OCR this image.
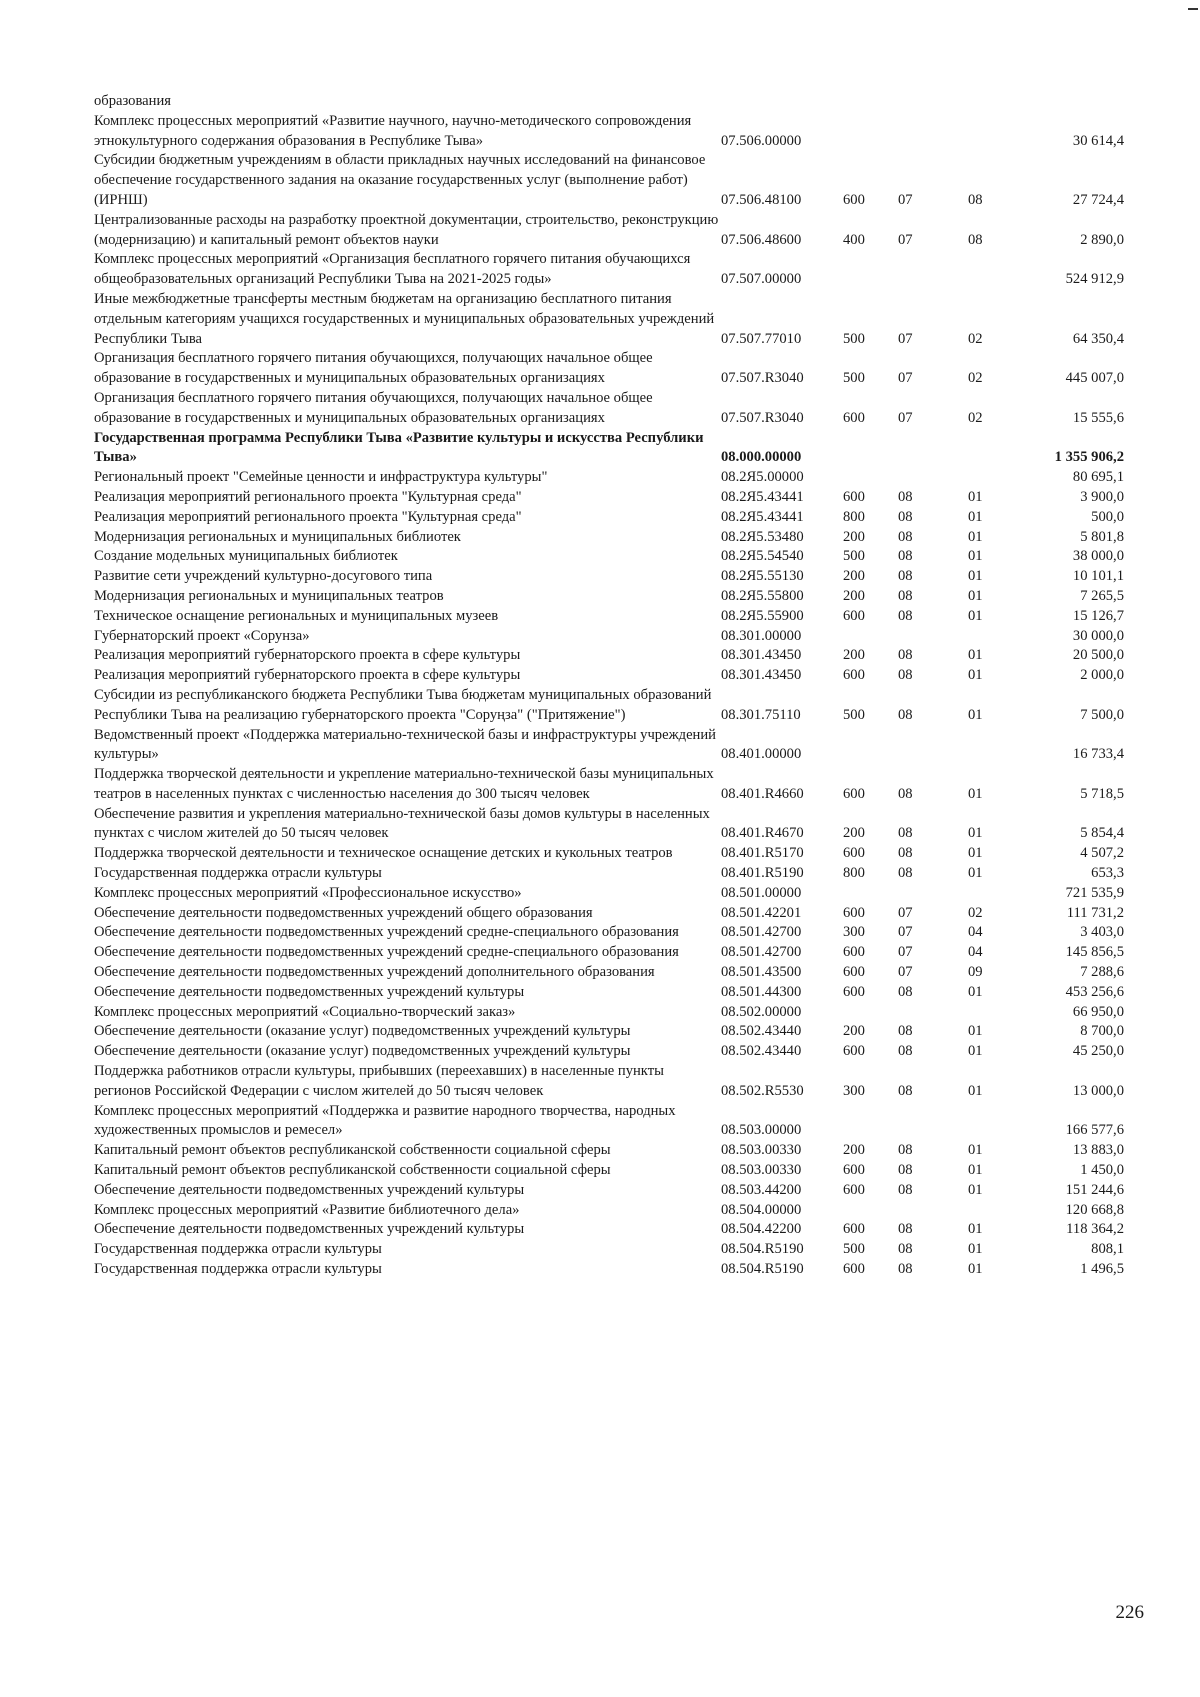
образования					
Комплекс процессных мероприятий «Развитие научного, научно-методического сопровождения этнокультурного содержания образования в Республике Тыва»	07.506.00000				30 614,4
Субсидии бюджетным учреждениям в области прикладных научных исследований на финансовое обеспечение государственного задания на оказание государственных услуг (выполнение работ) (ИРНШ)	07.506.48100	600	07	08	27 724,4
Централизованные расходы на разработку проектной документации, строительство, реконструкцию (модернизацию) и капитальный ремонт объектов науки	07.506.48600	400	07	08	2 890,0
Комплекс процессных мероприятий «Организация бесплатного горячего питания обучающихся общеобразовательных организаций Республики Тыва на 2021-2025 годы»	07.507.00000				524 912,9
Иные межбюджетные трансферты местным бюджетам на организацию бесплатного питания отдельным категориям учащихся государственных и муниципальных образовательных учреждений Республики Тыва	07.507.77010	500	07	02	64 350,4
Организация бесплатного горячего питания обучающихся, получающих начальное общее образование в государственных и муниципальных образовательных организациях	07.507.R3040	500	07	02	445 007,0
Организация бесплатного горячего питания обучающихся, получающих начальное общее образование в государственных и муниципальных образовательных организациях	07.507.R3040	600	07	02	15 555,6
Государственная программа Республики Тыва «Развитие культуры и искусства Республики Тыва»	08.000.00000				1 355 906,2
Региональный проект "Семейные ценности и инфраструктура культуры"	08.2Я5.00000				80 695,1
Реализация мероприятий регионального проекта "Культурная среда"	08.2Я5.43441	600	08	01	3 900,0
Реализация мероприятий регионального проекта "Культурная среда"	08.2Я5.43441	800	08	01	500,0
Модернизация региональных и муниципальных библиотек	08.2Я5.53480	200	08	01	5 801,8
Создание модельных муниципальных библиотек	08.2Я5.54540	500	08	01	38 000,0
Развитие сети учреждений культурно-досугового типа	08.2Я5.55130	200	08	01	10 101,1
Модернизация региональных и муниципальных театров	08.2Я5.55800	200	08	01	7 265,5
Техническое оснащение региональных и муниципальных музеев	08.2Я5.55900	600	08	01	15 126,7
Губернаторский проект «Сорунза»	08.301.00000				30 000,0
Реализация мероприятий губернаторского проекта в сфере культуры	08.301.43450	200	08	01	20 500,0
Реализация мероприятий губернаторского проекта в сфере культуры	08.301.43450	600	08	01	2 000,0
Субсидии из республиканского бюджета Республики Тыва бюджетам муниципальных образований Республики Тыва на реализацию губернаторского проекта "Соруңза" ("Притяжение")	08.301.75110	500	08	01	7 500,0
Ведомственный проект «Поддержка материально-технической базы и инфраструктуры учреждений культуры»	08.401.00000				16 733,4
Поддержка творческой деятельности и укрепление материально-технической базы муниципальных театров в населенных пунктах с численностью населения до 300 тысяч человек	08.401.R4660	600	08	01	5 718,5
Обеспечение развития и укрепления материально-технической базы домов культуры в населенных пунктах с числом жителей до 50 тысяч человек	08.401.R4670	200	08	01	5 854,4
Поддержка творческой деятельности и техническое оснащение детских и кукольных театров	08.401.R5170	600	08	01	4 507,2
Государственная поддержка отрасли культуры	08.401.R5190	800	08	01	653,3
Комплекс процессных мероприятий «Профессиональное искусство»	08.501.00000				721 535,9
Обеспечение деятельности подведомственных учреждений общего образования	08.501.42201	600	07	02	111 731,2
Обеспечение деятельности подведомственных учреждений средне-специального образования	08.501.42700	300	07	04	3 403,0
Обеспечение деятельности подведомственных учреждений средне-специального образования	08.501.42700	600	07	04	145 856,5
Обеспечение деятельности подведомственных учреждений дополнительного образования	08.501.43500	600	07	09	7 288,6
Обеспечение деятельности подведомственных учреждений культуры	08.501.44300	600	08	01	453 256,6
Комплекс процессных мероприятий «Социально-творческий заказ»	08.502.00000				66 950,0
Обеспечение деятельности (оказание услуг) подведомственных учреждений культуры	08.502.43440	200	08	01	8 700,0
Обеспечение деятельности (оказание услуг) подведомственных учреждений культуры	08.502.43440	600	08	01	45 250,0
Поддержка работников отрасли культуры, прибывших (переехавших) в населенные пункты регионов Российской Федерации с числом жителей до 50 тысяч человек	08.502.R5530	300	08	01	13 000,0
Комплекс процессных мероприятий «Поддержка и развитие народного творчества, народных художественных промыслов и ремесел»	08.503.00000				166 577,6
Капитальный ремонт объектов республиканской собственности социальной сферы	08.503.00330	200	08	01	13 883,0
Капитальный ремонт объектов республиканской собственности социальной сферы	08.503.00330	600	08	01	1 450,0
Обеспечение деятельности подведомственных учреждений культуры	08.503.44200	600	08	01	151 244,6
Комплекс процессных мероприятий «Развитие библиотечного дела»	08.504.00000				120 668,8
Обеспечение деятельности подведомственных учреждений культуры	08.504.42200	600	08	01	118 364,2
Государственная поддержка отрасли культуры	08.504.R5190	500	08	01	808,1
Государственная поддержка отрасли культуры	08.504.R5190	600	08	01	1 496,5
226
